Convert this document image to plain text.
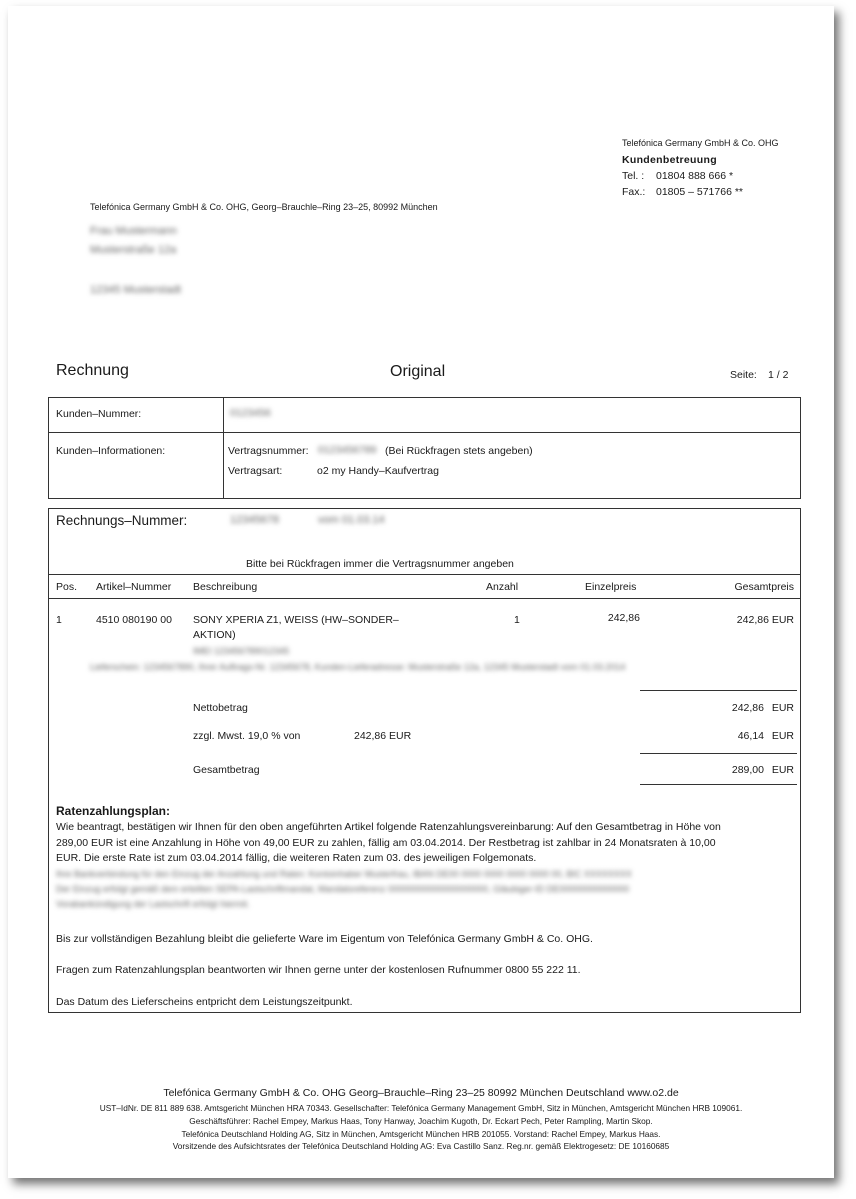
Telefónica Germany GmbH & Co. OHG
Kundenbetreuung
Tel. : 01804 888 666 *
Fax.: 01805 – 571766 **
Telefónica Germany GmbH & Co. OHG, Georg–Brauchle–Ring 23–25, 80992 München
Frau Mustermann
Musterstraße 12a
12345 Musterstadt
Rechnung	Original	Seite: 1 / 2
Kunden–Nummer:	0123456
Kunden–Informationen:	Vertragsnummer: 0123456789 (Bei Rückfragen stets angeben)
Vertragsart:	o2 my Handy–Kaufvertrag
Rechnungs–Nummer:	12345678	vom 01.03.14
Bitte bei Rückfragen immer die Vertragsnummer angeben
Pos. Artikel–Nummer Beschreibung	Anzahl	Einzelpreis	Gesamtpreis
1	4510 080190 00 SONY XPERIA Z1, WEISS (HW–SONDER–
AKTION)
IMEI 123456789012345
1	242,86	242,86 EUR
Lieferschein: 1234567890, Ihrer Auftrags-Nr. 12345678, Kunden-Lieferadresse: Musterstraße 12a, 12345 Musterstadt vom 01.03.2014
Nettobetrag	242,86 EUR
zzgl. Mwst. 19,0 % von	242,86 EUR	46,14 EUR
Gesamtbetrag	289,00 EUR
Ratenzahlungsplan:
Wie beantragt, bestätigen wir Ihnen für den oben angeführten Artikel folgende Ratenzahlungsvereinbarung: Auf den Gesamtbetrag in Höhe von
289,00 EUR ist eine Anzahlung in Höhe von 49,00 EUR zu zahlen, fällig am 03.04.2014. Der Restbetrag ist zahlbar in 24 Monatsraten à 10,00
EUR. Die erste Rate ist zum 03.04.2014 fällig, die weiteren Raten zum 03. des jeweiligen Folgemonats.
Ihre Bankverbindung für den Einzug der Anzahlung und Raten: Kontoinhaber Musterfrau, IBAN DE00 0000 0000 0000 0000 00, BIC XXXXXXXX
Der Einzug erfolgt gemäß dem erteilten SEPA-Lastschriftmandat, Mandatsreferenz 00000000000000000000, Gläubiger-ID DE00000000000000
Vorabankündigung der Lastschrift erfolgt hiermit.
Bis zur vollständigen Bezahlung bleibt die gelieferte Ware im Eigentum von Telefónica Germany GmbH & Co. OHG.
Fragen zum Ratenzahlungsplan beantworten wir Ihnen gerne unter der kostenlosen Rufnummer 0800 55 222 11.
Das Datum des Lieferscheins entpricht dem Leistungszeitpunkt.
Telefónica Germany GmbH & Co. OHG Georg–Brauchle–Ring 23–25 80992 München Deutschland www.o2.de
UST–IdNr. DE 811 889 638. Amtsgericht München HRA 70343. Gesellschafter: Telefónica Germany Management GmbH, Sitz in München, Amtsgericht München HRB 109061.
Geschäftsführer: Rachel Empey, Markus Haas, Tony Hanway, Joachim Kugoth, Dr. Eckart Pech, Peter Rampling, Martin Skop.
Telefónica Deutschland Holding AG, Sitz in München, Amtsgericht München HRB 201055. Vorstand: Rachel Empey, Markus Haas.
Vorsitzende des Aufsichtsrates der Telefónica Deutschland Holding AG: Eva Castillo Sanz. Reg.nr. gemäß Elektrogesetz: DE 10160685
